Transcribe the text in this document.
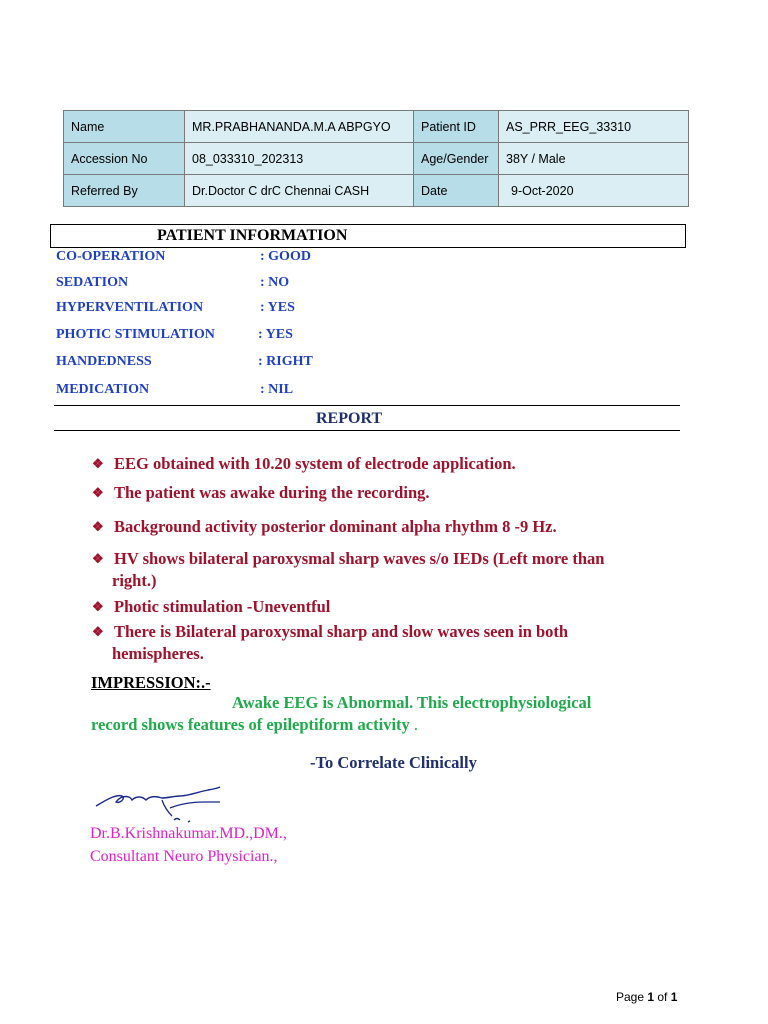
Name	MR.PRABHANANDA.M.A ABPGYO	Patient ID	AS_PRR_EEG_33310
Accession No	08_033310_202313	Age/Gender	38Y / Male
Referred By	Dr.Doctor C drC Chennai CASH	Date	9-Oct-2020
PATIENT INFORMATION
CO-OPERATION	: GOOD
SEDATION	: NO
HYPERVENTILATION	: YES
PHOTIC STIMULATION	: YES
HANDEDNESS	: RIGHT
MEDICATION	: NIL
REPORT
❖ EEG obtained with 10.20 system of electrode application.
❖ The patient was awake during the recording.
❖ Background activity posterior dominant alpha rhythm 8 -9 Hz.
❖ HV shows bilateral paroxysmal sharp waves s/o IEDs (Left more than
right.)
❖ Photic stimulation -Uneventful
❖ There is Bilateral paroxysmal sharp and slow waves seen in both
hemispheres.
IMPRESSION:.-
Awake EEG is Abnormal. This electrophysiological
record shows features of epileptiform activity .
-To Correlate Clinically
Dr.B.Krishnakumar.MD.,DM.,
Consultant Neuro Physician.,
Page 1 of 1
